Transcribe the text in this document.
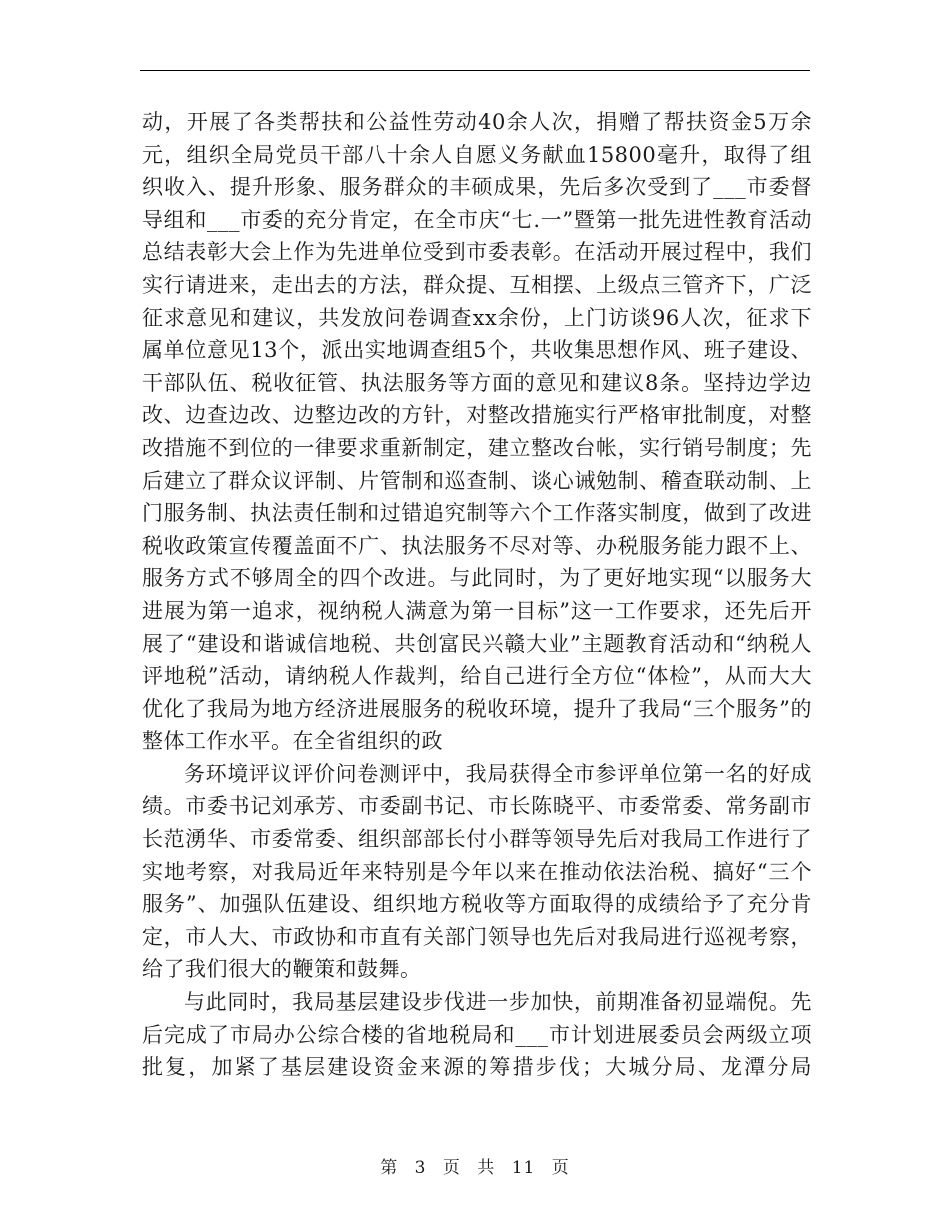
动，开展了各类帮扶和公益性劳动40余人次，捐赠了帮扶资金5万余元，组织全局党员干部八十余人自愿义务献血15800毫升，取得了组织收入、提升形象、服务群众的丰硕成果，先后多次受到了___市委督导组和___市委的充分肯定，在全市庆“七.一”暨第一批先进性教育活动总结表彰大会上作为先进单位受到市委表彰。在活动开展过程中，我们实行请进来，走出去的方法，群众提、互相摆、上级点三管齐下，广泛征求意见和建议，共发放问卷调查xx余份，上门访谈96人次，征求下属单位意见13个，派出实地调查组5个，共收集思想作风、班子建设、干部队伍、税收征管、执法服务等方面的意见和建议8条。坚持边学边改、边查边改、边整边改的方针，对整改措施实行严格审批制度，对整改措施不到位的一律要求重新制定，建立整改台帐，实行销号制度；先后建立了群众议评制、片管制和巡查制、谈心诫勉制、稽查联动制、上门服务制、执法责任制和过错追究制等六个工作落实制度，做到了改进税收政策宣传覆盖面不广、执法服务不尽对等、办税服务能力跟不上、服务方式不够周全的四个改进。与此同时，为了更好地实现“以服务大进展为第一追求，视纳税人满意为第一目标”这一工作要求，还先后开展了“建设和谐诚信地税、共创富民兴赣大业”主题教育活动和“纳税人评地税”活动，请纳税人作裁判，给自己进行全方位“体检”，从而大大优化了我局为地方经济进展服务的税收环境，提升了我局“三个服务”的整体工作水平。在全省组织的政

务环境评议评价问卷测评中，我局获得全市参评单位第一名的好成绩。市委书记刘承芳、市委副书记、市长陈晓平、市委常委、常务副市长范湧华、市委常委、组织部部长付小群等领导先后对我局工作进行了实地考察，对我局近年来特别是今年以来在推动依法治税、搞好“三个服务”、加强队伍建设、组织地方税收等方面取得的成绩给予了充分肯定，市人大、市政协和市直有关部门领导也先后对我局进行巡视考察，给了我们很大的鞭策和鼓舞。

与此同时，我局基层建设步伐进一步加快，前期准备初显端倪。先后完成了市局办公综合楼的省地税局和___市计划进展委员会两级立项批复，加紧了基层建设资金来源的筹措步伐；大城分局、龙潭分局

第 3 页 共 11 页
